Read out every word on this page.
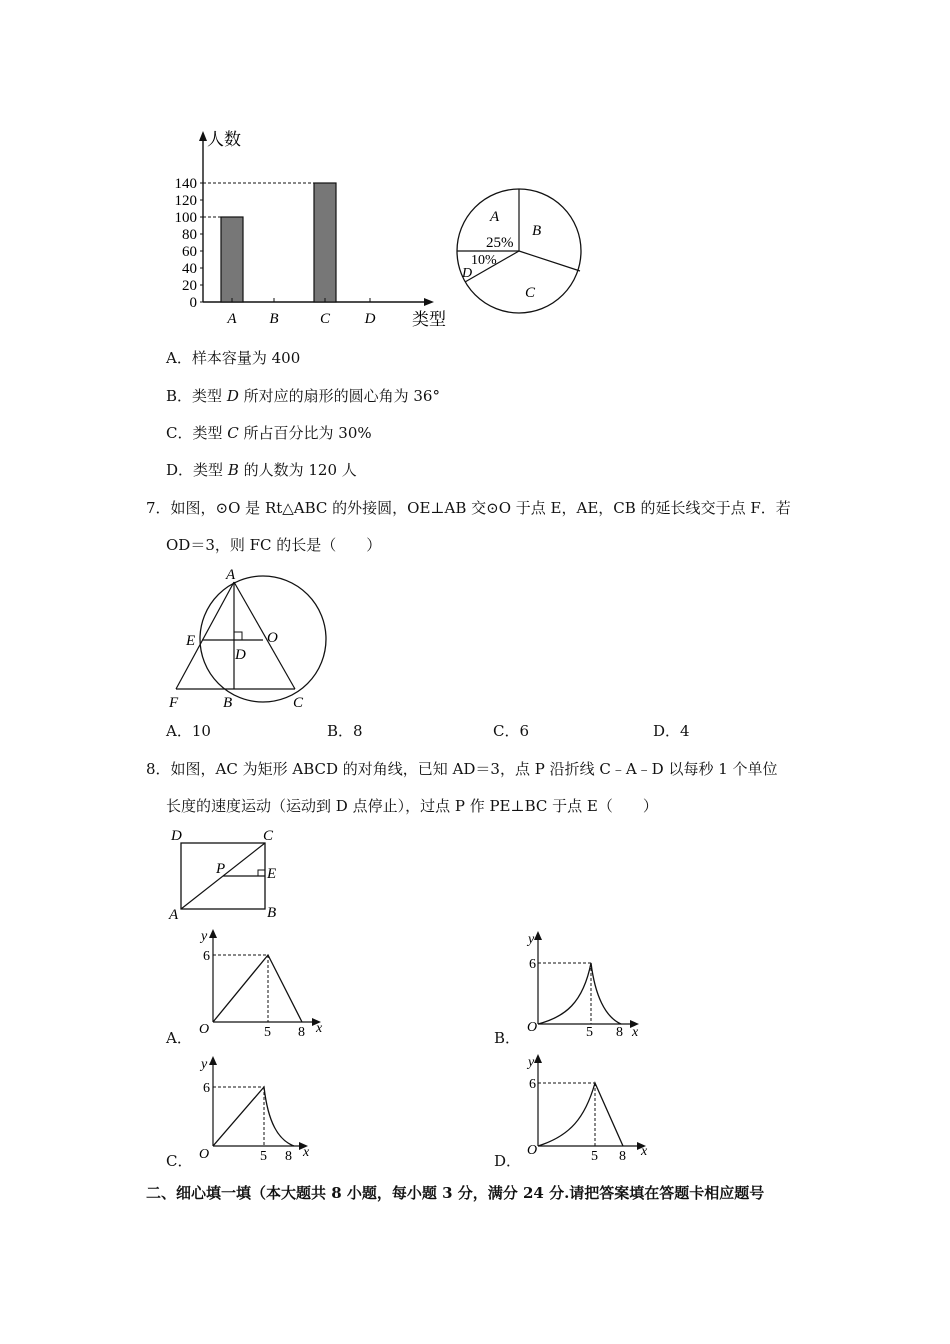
人数
类型
0
20
40
60
80
100
120
140
A B	C D
A
25%
B
C
10%
D
A．样本容量为 400
B．类型 D 所对应的扇形的圆心角为 36°
C．类型 C 所占百分比为 30%
D．类型 B 的人数为 120 人
7．如图，⊙O 是 Rt△ABC 的外接圆，OE⊥AB 交⊙O 于点 E，AE，CB 的延长线交于点 F．若
OD＝3，则 FC 的长是（　　）
A
E	O
D
F	B	C
A．10	B．8	C．6	D．4
8．如图，AC 为矩形 ABCD 的对角线，已知 AD＝3，点 P 沿折线 C﹣A﹣D 以每秒 1 个单位
长度的速度运动（运动到 D 点停止），过点 P 作 PE⊥BC 于点 E（　　）
D	C
P	E
A	B
A．
y
6
O	5 8 x
B．
y
6
O	5 8 x
C．
y
6
O	5 8 x	D．
y
6
O	5 8 x
二、细心填一填（本大题共 8 小题，每小题 3 分，满分 24 分.请把答案填在答题卡相应题号
